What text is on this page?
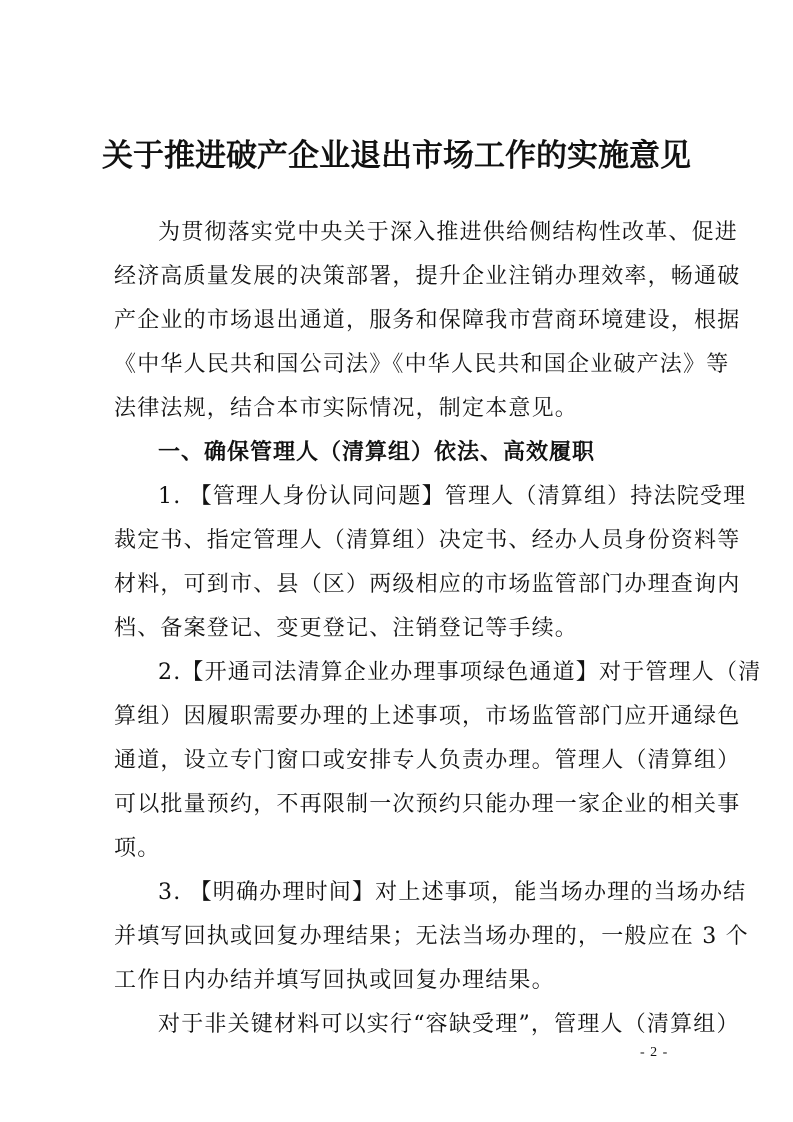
关于推进破产企业退出市场工作的实施意见
为贯彻落实党中央关于深入推进供给侧结构性改革、促进
经济高质量发展的决策部署，提升企业注销办理效率，畅通破
产企业的市场退出通道，服务和保障我市营商环境建设，根据
《中华人民共和国公司法》《中华人民共和国企业破产法》等
法律法规，结合本市实际情况，制定本意见。
一、确保管理人（清算组）依法、高效履职
1. 【管理人身份认同问题】管理人（清算组）持法院受理
裁定书、指定管理人（清算组）决定书、经办人员身份资料等
材料，可到市、县（区）两级相应的市场监管部门办理查询内
档、备案登记、变更登记、注销登记等手续。
2.【开通司法清算企业办理事项绿色通道】对于管理人（清
算组）因履职需要办理的上述事项，市场监管部门应开通绿色
通道，设立专门窗口或安排专人负责办理。管理人（清算组）
可以批量预约，不再限制一次预约只能办理一家企业的相关事
项。
3. 【明确办理时间】对上述事项，能当场办理的当场办结
并填写回执或回复办理结果；无法当场办理的，一般应在 3 个
工作日内办结并填写回执或回复办理结果。
对于非关键材料可以实行“容缺受理”，管理人（清算组）
- 2 -
